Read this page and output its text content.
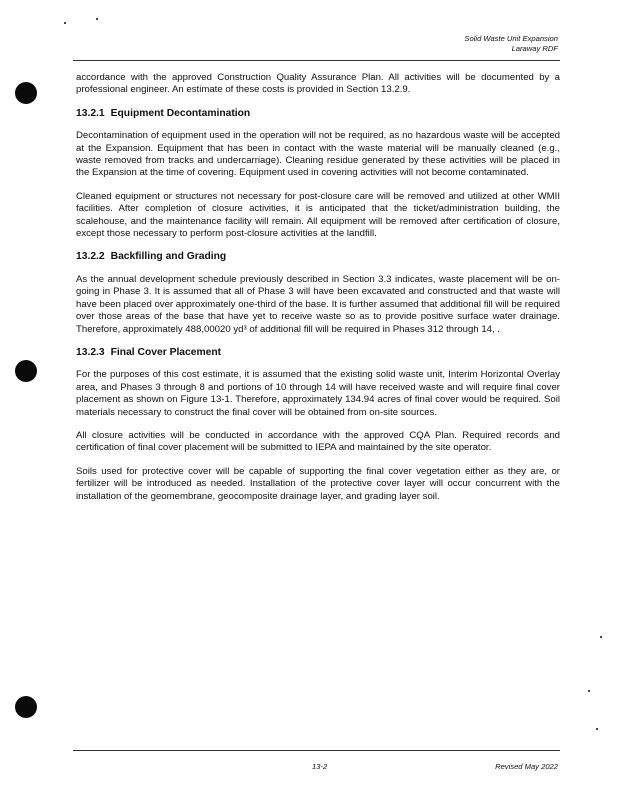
Solid Waste Unit Expansion
Laraway RDF

accordance with the approved Construction Quality Assurance Plan. All activities will be documented by a professional engineer. An estimate of these costs is provided in Section 13.2.9.

13.2.1 Equipment Decontamination

Decontamination of equipment used in the operation will not be required, as no hazardous waste will be accepted at the Expansion. Equipment that has been in contact with the waste material will be manually cleaned (e.g., waste removed from tracks and undercarriage). Cleaning residue generated by these activities will be placed in the Expansion at the time of covering. Equipment used in covering activities will not become contaminated.

Cleaned equipment or structures not necessary for post-closure care will be removed and utilized at other WMII facilities. After completion of closure activities, it is anticipated that the ticket/administration building, the scalehouse, and the maintenance facility will remain. All equipment will be removed after certification of closure, except those necessary to perform post-closure activities at the landfill.

13.2.2 Backfilling and Grading

As the annual development schedule previously described in Section 3.3 indicates, waste placement will be on-going in Phase 3. It is assumed that all of Phase 3 will have been excavated and constructed and that waste will have been placed over approximately one-third of the base. It is further assumed that additional fill will be required over those areas of the base that have yet to receive waste so as to provide positive surface water drainage. Therefore, approximately 488,00020 yd³ of additional fill will be required in Phases 312 through 14, .

13.2.3 Final Cover Placement

For the purposes of this cost estimate, it is assumed that the existing solid waste unit, Interim Horizontal Overlay area, and Phases 3 through 8 and portions of 10 through 14 will have received waste and will require final cover placement as shown on Figure 13-1. Therefore, approximately 134.94 acres of final cover would be required. Soil materials necessary to construct the final cover will be obtained from on-site sources.

All closure activities will be conducted in accordance with the approved CQA Plan. Required records and certification of final cover placement will be submitted to IEPA and maintained by the site operator.

Soils used for protective cover will be capable of supporting the final cover vegetation either as they are, or fertilizer will be introduced as needed. Installation of the protective cover layer will occur concurrent with the installation of the geomembrane, geocomposite drainage layer, and grading layer soil.

13-2	Revised May 2022
